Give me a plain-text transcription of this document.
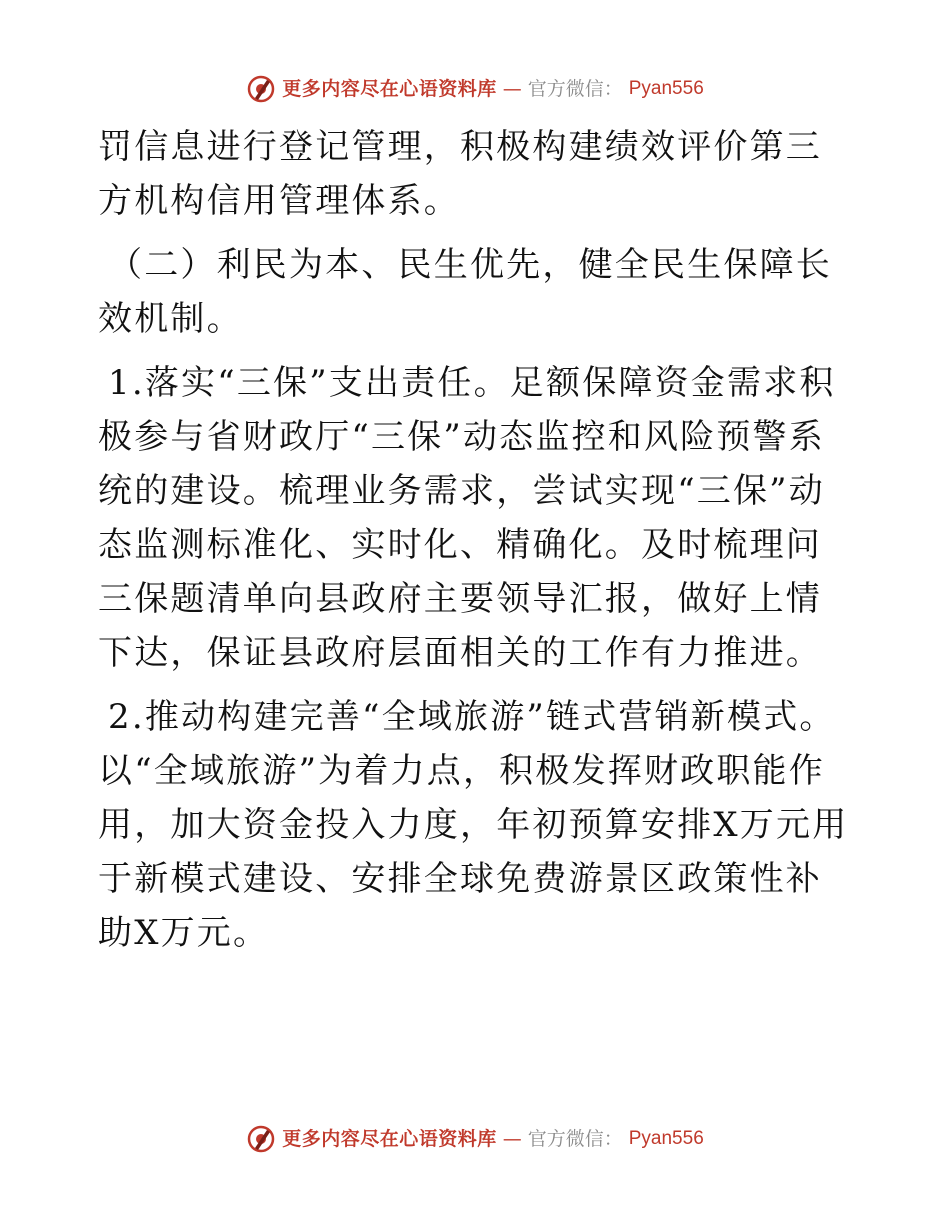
更多内容尽在心语资料库 — 官方微信： Pyan556

罚信息进行登记管理，积极构建绩效评价第三方机构信用管理体系。

（二）利民为本、民生优先，健全民生保障长效机制。

1.落实“三保”支出责任。足额保障资金需求积极参与省财政厅“三保”动态监控和风险预警系统的建设。梳理业务需求，尝试实现“三保”动态监测标准化、实时化、精确化。及时梳理问三保题清单向县政府主要领导汇报，做好上情下达，保证县政府层面相关的工作有力推进。

2.推动构建完善“全域旅游”链式营销新模式。以“全域旅游”为着力点，积极发挥财政职能作用，加大资金投入力度，年初预算安排X万元用于新模式建设、安排全球免费游景区政策性补助X万元。

更多内容尽在心语资料库 — 官方微信： Pyan556
